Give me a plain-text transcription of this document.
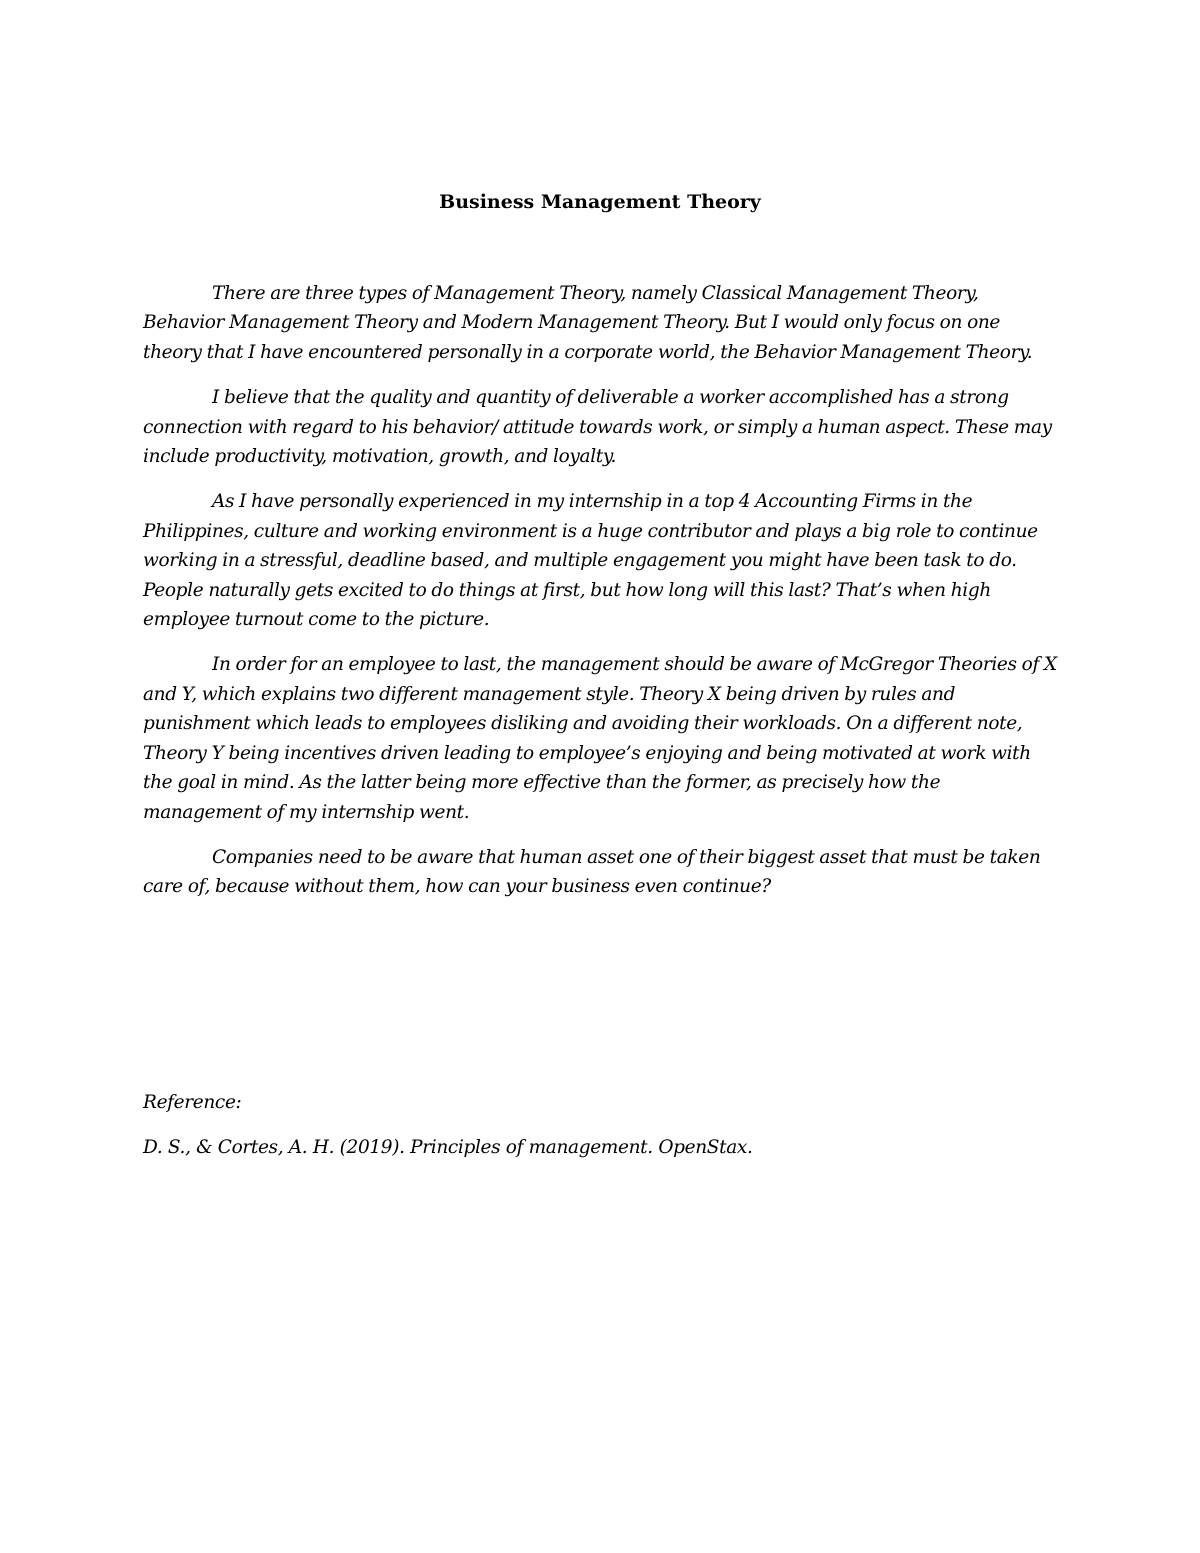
Business Management Theory

There are three types of Management Theory, namely Classical Management Theory, Behavior Management Theory and Modern Management Theory. But I would only focus on one theory that I have encountered personally in a corporate world, the Behavior Management Theory.

I believe that the quality and quantity of deliverable a worker accomplished has a strong connection with regard to his behavior/ attitude towards work, or simply a human aspect. These may include productivity, motivation, growth, and loyalty.

As I have personally experienced in my internship in a top 4 Accounting Firms in the Philippines, culture and working environment is a huge contributor and plays a big role to continue working in a stressful, deadline based, and multiple engagement you might have been task to do. People naturally gets excited to do things at first, but how long will this last? That’s when high employee turnout come to the picture.

In order for an employee to last, the management should be aware of McGregor Theories of X and Y, which explains two different management style. Theory X being driven by rules and punishment which leads to employees disliking and avoiding their workloads. On a different note, Theory Y being incentives driven leading to employee’s enjoying and being motivated at work with the goal in mind. As the latter being more effective than the former, as precisely how the management of my internship went.

Companies need to be aware that human asset one of their biggest asset that must be taken care of, because without them, how can your business even continue?

Reference:

D. S., & Cortes, A. H. (2019). Principles of management. OpenStax.
